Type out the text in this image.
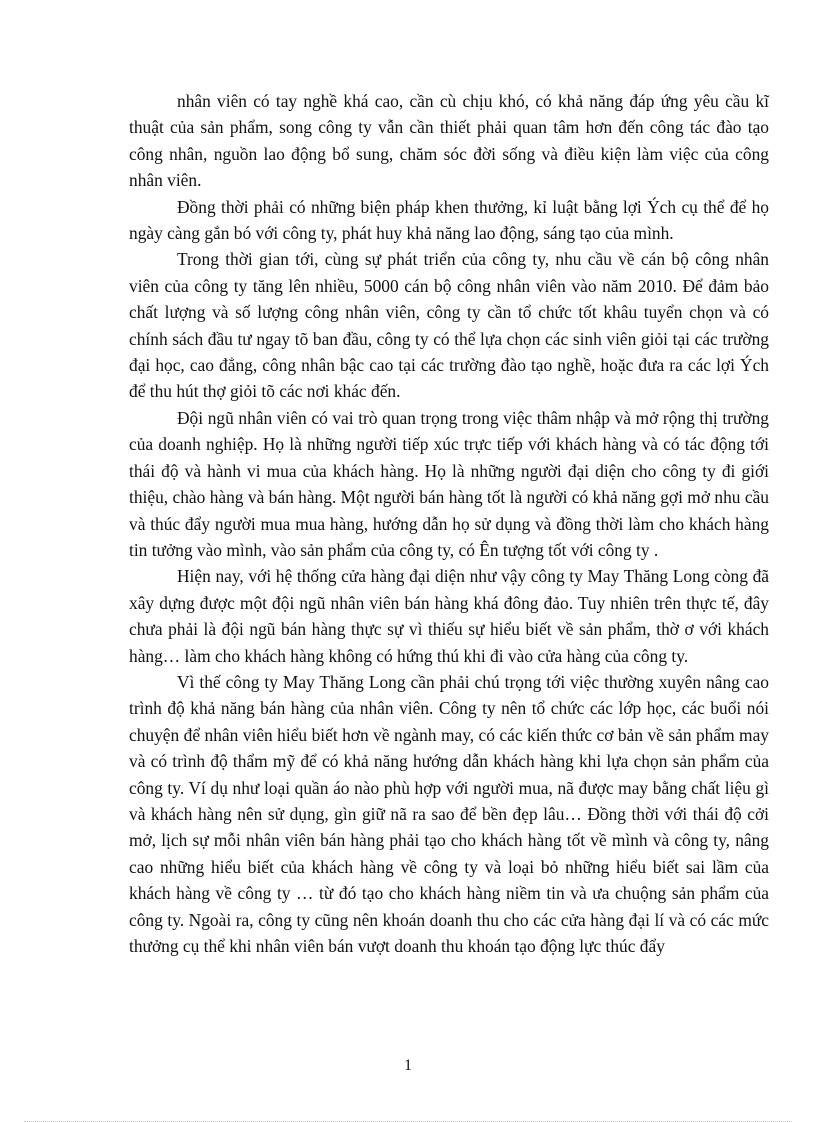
nhân viên có tay nghề khá cao, cần cù chịu khó, có khả năng đáp ứng yêu cầu kĩ thuật của sản phẩm, song công ty vẫn cần thiết phải quan tâm hơn đến công tác đào tạo công nhân, nguồn lao động bổ sung, chăm sóc đời sống và điều kiện làm việc của công nhân viên.

Đồng thời phải có những biện pháp khen thưởng, kỉ luật bằng lợi Ých cụ thể để họ ngày càng gắn bó với công ty, phát huy khả năng lao động, sáng tạo của mình.

Trong thời gian tới, cùng sự phát triển của công ty, nhu cầu về cán bộ công nhân viên của công ty tăng lên nhiều, 5000 cán bộ công nhân viên vào năm 2010. Để đảm bảo chất lượng và số lượng công nhân viên, công ty cần tổ chức tốt khâu tuyển chọn và có chính sách đầu tư ngay tõ ban đầu, công ty có thể lựa chọn các sinh viên giỏi tại các trường đại học, cao đẳng, công nhân bậc cao tại các trường đào tạo nghề, hoặc đưa ra các lợi Ých để thu hút thợ giỏi tõ các nơi khác đến.

Đội ngũ nhân viên có vai trò quan trọng trong việc thâm nhập và mở rộng thị trường của doanh nghiệp. Họ là những người tiếp xúc trực tiếp với khách hàng và có tác động tới thái độ và hành vi mua của khách hàng. Họ là những người đại diện cho công ty đi giới thiệu, chào hàng và bán hàng. Một người bán hàng tốt là người có khả năng gợi mở nhu cầu và thúc đẩy người mua mua hàng, hướng dẫn họ sử dụng và đồng thời làm cho khách hàng tin tưởng vào mình, vào sản phẩm của công ty, có Ên tượng tốt với công ty .

Hiện nay, với hệ thống cửa hàng đại diện như vậy công ty May Thăng Long còng đã xây dựng được một đội ngũ nhân viên bán hàng khá đông đảo. Tuy nhiên trên thực tế, đây chưa phải là đội ngũ bán hàng thực sự vì thiếu sự hiểu biết về sản phẩm, thờ ơ với khách hàng… làm cho khách hàng không có hứng thú khi đi vào cửa hàng của công ty.

Vì thế công ty May Thăng Long cần phải chú trọng tới việc thường xuyên nâng cao trình độ khả năng bán hàng của nhân viên. Công ty nên tổ chức các lớp học, các buổi nói chuyện để nhân viên hiểu biết hơn về ngành may, có các kiến thức cơ bản về sản phẩm may và có trình độ thẩm mỹ để có khả năng hướng dẫn khách hàng khi lựa chọn sản phẩm của công ty. Ví dụ như loại quần áo nào phù hợp với người mua, nã được may bằng chất liệu gì và khách hàng nên sử dụng, gìn giữ nã ra sao để bền đẹp lâu… Đồng thời với thái độ cởi mở, lịch sự mỗi nhân viên bán hàng phải tạo cho khách hàng tốt về mình và công ty, nâng cao những hiểu biết của khách hàng về công ty và loại bỏ những hiểu biết sai lầm của khách hàng về công ty … từ đó tạo cho khách hàng niềm tin và ưa chuộng sản phẩm của công ty. Ngoài ra, công ty cũng nên khoán doanh thu cho các cửa hàng đại lí và có các mức thưởng cụ thể khi nhân viên bán vượt doanh thu khoán tạo động lực thúc đẩy

1
